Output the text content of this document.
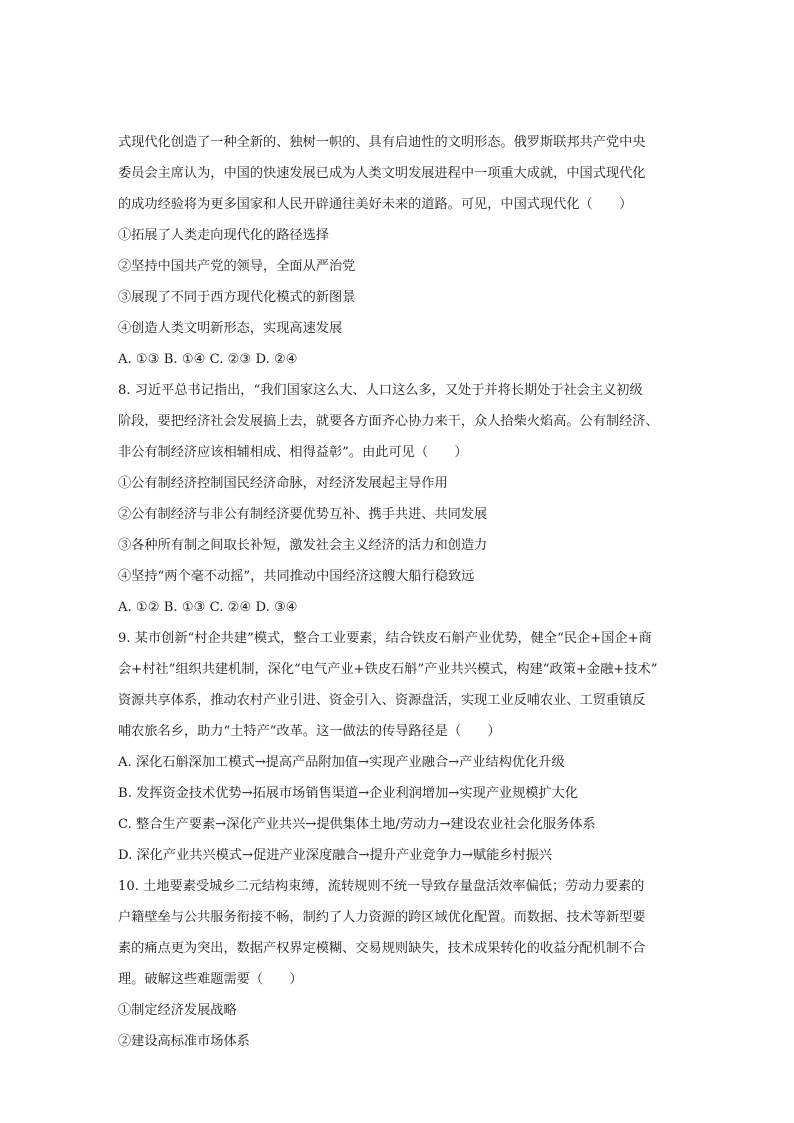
式现代化创造了一种全新的、独树一帜的、具有启迪性的文明形态。俄罗斯联邦共产党中央
委员会主席认为，中国的快速发展已成为人类文明发展进程中一项重大成就，中国式现代化
的成功经验将为更多国家和人民开辟通往美好未来的道路。可见，中国式现代化（　　）
①拓展了人类走向现代化的路径选择
②坚持中国共产党的领导，全面从严治党
③展现了不同于西方现代化模式的新图景
④创造人类文明新形态，实现高速发展
A. ①③ B. ①④ C. ②③ D. ②④
8. 习近平总书记指出，“我们国家这么大、人口这么多，又处于并将长期处于社会主义初级
阶段，要把经济社会发展搞上去，就要各方面齐心协力来干，众人拾柴火焰高。公有制经济、
非公有制经济应该相辅相成、相得益彰”。由此可见（　　）
①公有制经济控制国民经济命脉，对经济发展起主导作用
②公有制经济与非公有制经济要优势互补、携手共进、共同发展
③各种所有制之间取长补短，激发社会主义经济的活力和创造力
④坚持“两个毫不动摇”，共同推动中国经济这艘大船行稳致远
A. ①② B. ①③ C. ②④ D. ③④
9. 某市创新“村企共建”模式，整合工业要素，结合铁皮石斛产业优势，健全“民企+国企+商
会+村社”组织共建机制，深化“电气产业+铁皮石斛”产业共兴模式，构建“政策+金融+技术”
资源共享体系，推动农村产业引进、资金引入、资源盘活，实现工业反哺农业、工贸重镇反
哺农旅名乡，助力“土特产”改革。这一做法的传导路径是（　　）
A. 深化石斛深加工模式→提高产品附加值→实现产业融合→产业结构优化升级
B. 发挥资金技术优势→拓展市场销售渠道→企业利润增加→实现产业规模扩大化
C. 整合生产要素→深化产业共兴→提供集体土地/劳动力→建设农业社会化服务体系
D. 深化产业共兴模式→促进产业深度融合→提升产业竞争力→赋能乡村振兴
10. 土地要素受城乡二元结构束缚，流转规则不统一导致存量盘活效率偏低；劳动力要素的
户籍壁垒与公共服务衔接不畅，制约了人力资源的跨区域优化配置。而数据、技术等新型要
素的痛点更为突出，数据产权界定模糊、交易规则缺失，技术成果转化的收益分配机制不合
理。破解这些难题需要（　　）
①制定经济发展战略
②建设高标准市场体系
